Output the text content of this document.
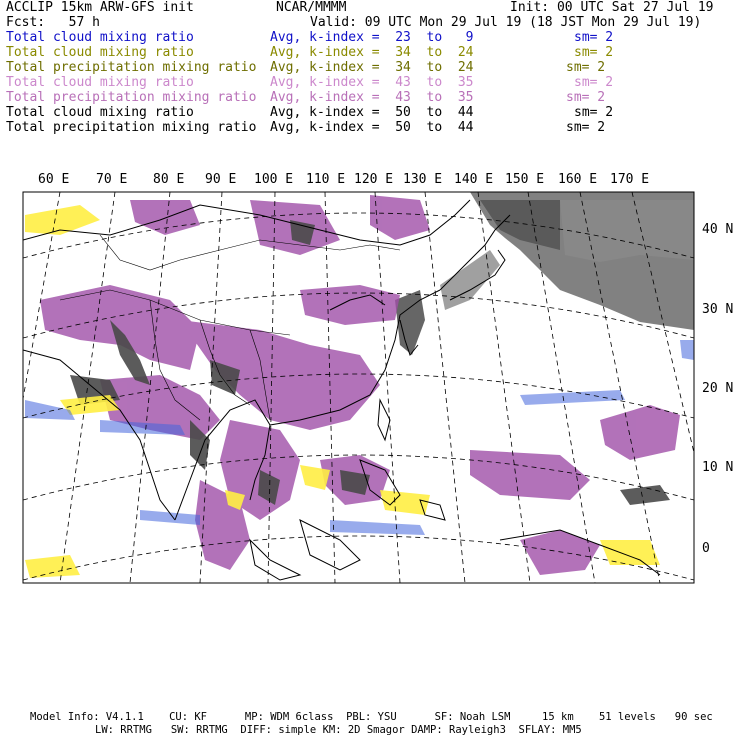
ACCLIP 15km ARW-GFS init	NCAR/MMMM	Init: 00 UTC Sat 27 Jul 19
Fcst:   57 h	Valid: 09 UTC Mon 29 Jul 19 (18 JST Mon 29 Jul 19)
Total cloud mixing ratio	Avg, k-index =  23  to   9	sm= 2
Total cloud mixing ratio	Avg, k-index =  34  to  24	sm= 2
Total precipitation mixing ratio Avg, k-index =  34  to  24	sm= 2
Total cloud mixing ratio	Avg, k-index =  43  to  35	sm= 2
Total precipitation mixing ratio Avg, k-index =  43  to  35	sm= 2
Total cloud mixing ratio	Avg, k-index =  50  to  44	sm= 2
Total precipitation mixing ratio Avg, k-index =  50  to  44	sm= 2
60 E 70 E 80 E 90 E 100 E 110 E 120 E 130 E 140 E 150 E 160 E 170 E
40 N
30 N
20 N
10 N
0
Model Info: V4.1.1    CU: KF      MP: WDM 6class  PBL: YSU      SF: Noah LSM     15 km    51 levels   90 sec
LW: RRTMG   SW: RRTMG  DIFF: simple KM: 2D Smagor DAMP: Rayleigh3  SFLAY: MM5
